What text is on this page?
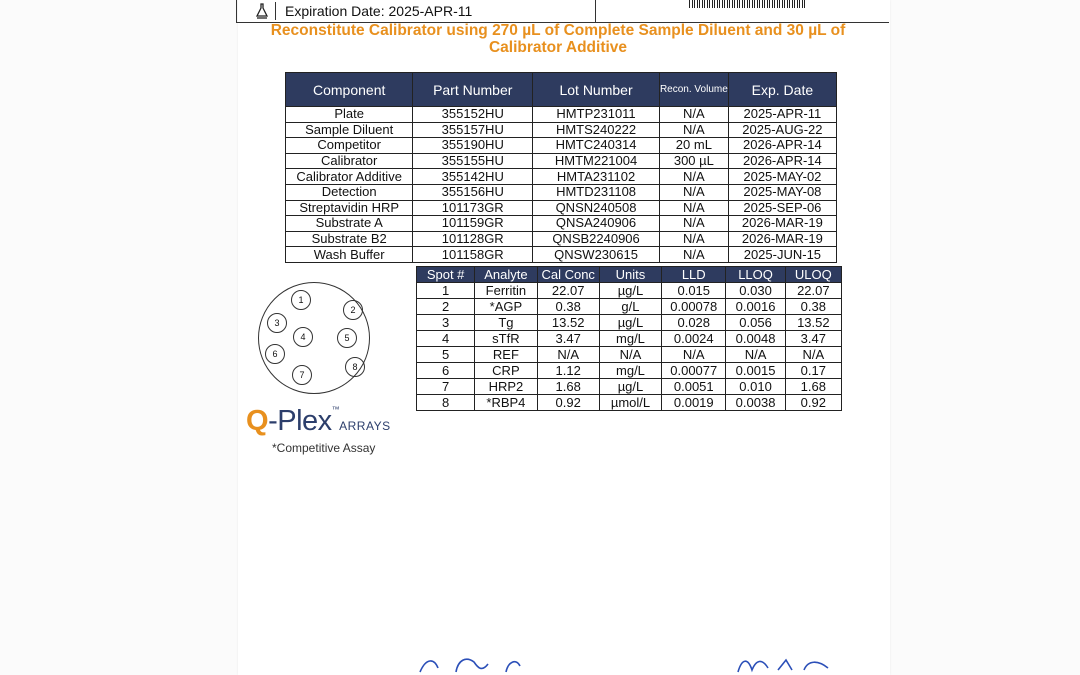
Expiration Date: 2025-APR-11
Reconstitute Calibrator using 270 µL of Complete Sample Diluent and 30 µL of
Calibrator Additive
Component	Part Number	Lot Number	Recon. Volume	Exp. Date
Plate	355152HU	HMTP231011	N/A	2025-APR-11
Sample Diluent	355157HU	HMTS240222	N/A	2025-AUG-22
Competitor	355190HU	HMTC240314	20 mL	2026-APR-14
Calibrator	355155HU	HMTM221004	300 µL	2026-APR-14
Calibrator Additive	355142HU	HMTA231102	N/A	2025-MAY-02
Detection	355156HU	HMTD231108	N/A	2025-MAY-08
Streptavidin HRP	101173GR	QNSN240508	N/A	2025-SEP-06
Substrate A	101159GR	QNSA240906	N/A	2026-MAR-19
Substrate B2	101128GR	QNSB2240906	N/A	2026-MAR-19
Wash Buffer	101158GR	QNSW230615	N/A	2025-JUN-15
1
2
3
4	5
6
7
8
Spot #	Analyte	Cal Conc	Units	LLD	LLOQ	ULOQ
1	Ferritin	22.07	µg/L	0.015	0.030	22.07
2	*AGP	0.38	g/L	0.00078	0.0016	0.38
3	Tg	13.52	µg/L	0.028	0.056	13.52
4	sTfR	3.47	mg/L	0.0024	0.0048	3.47
5	REF	N/A	N/A	N/A	N/A	N/A
6	CRP	1.12	mg/L	0.00077	0.0015	0.17
7	HRP2	1.68	µg/L	0.0051	0.010	1.68
8	*RBP4	0.92	µmol/L	0.0019	0.0038	0.92
Q-Plex™ARRAYS
*Competitive Assay
